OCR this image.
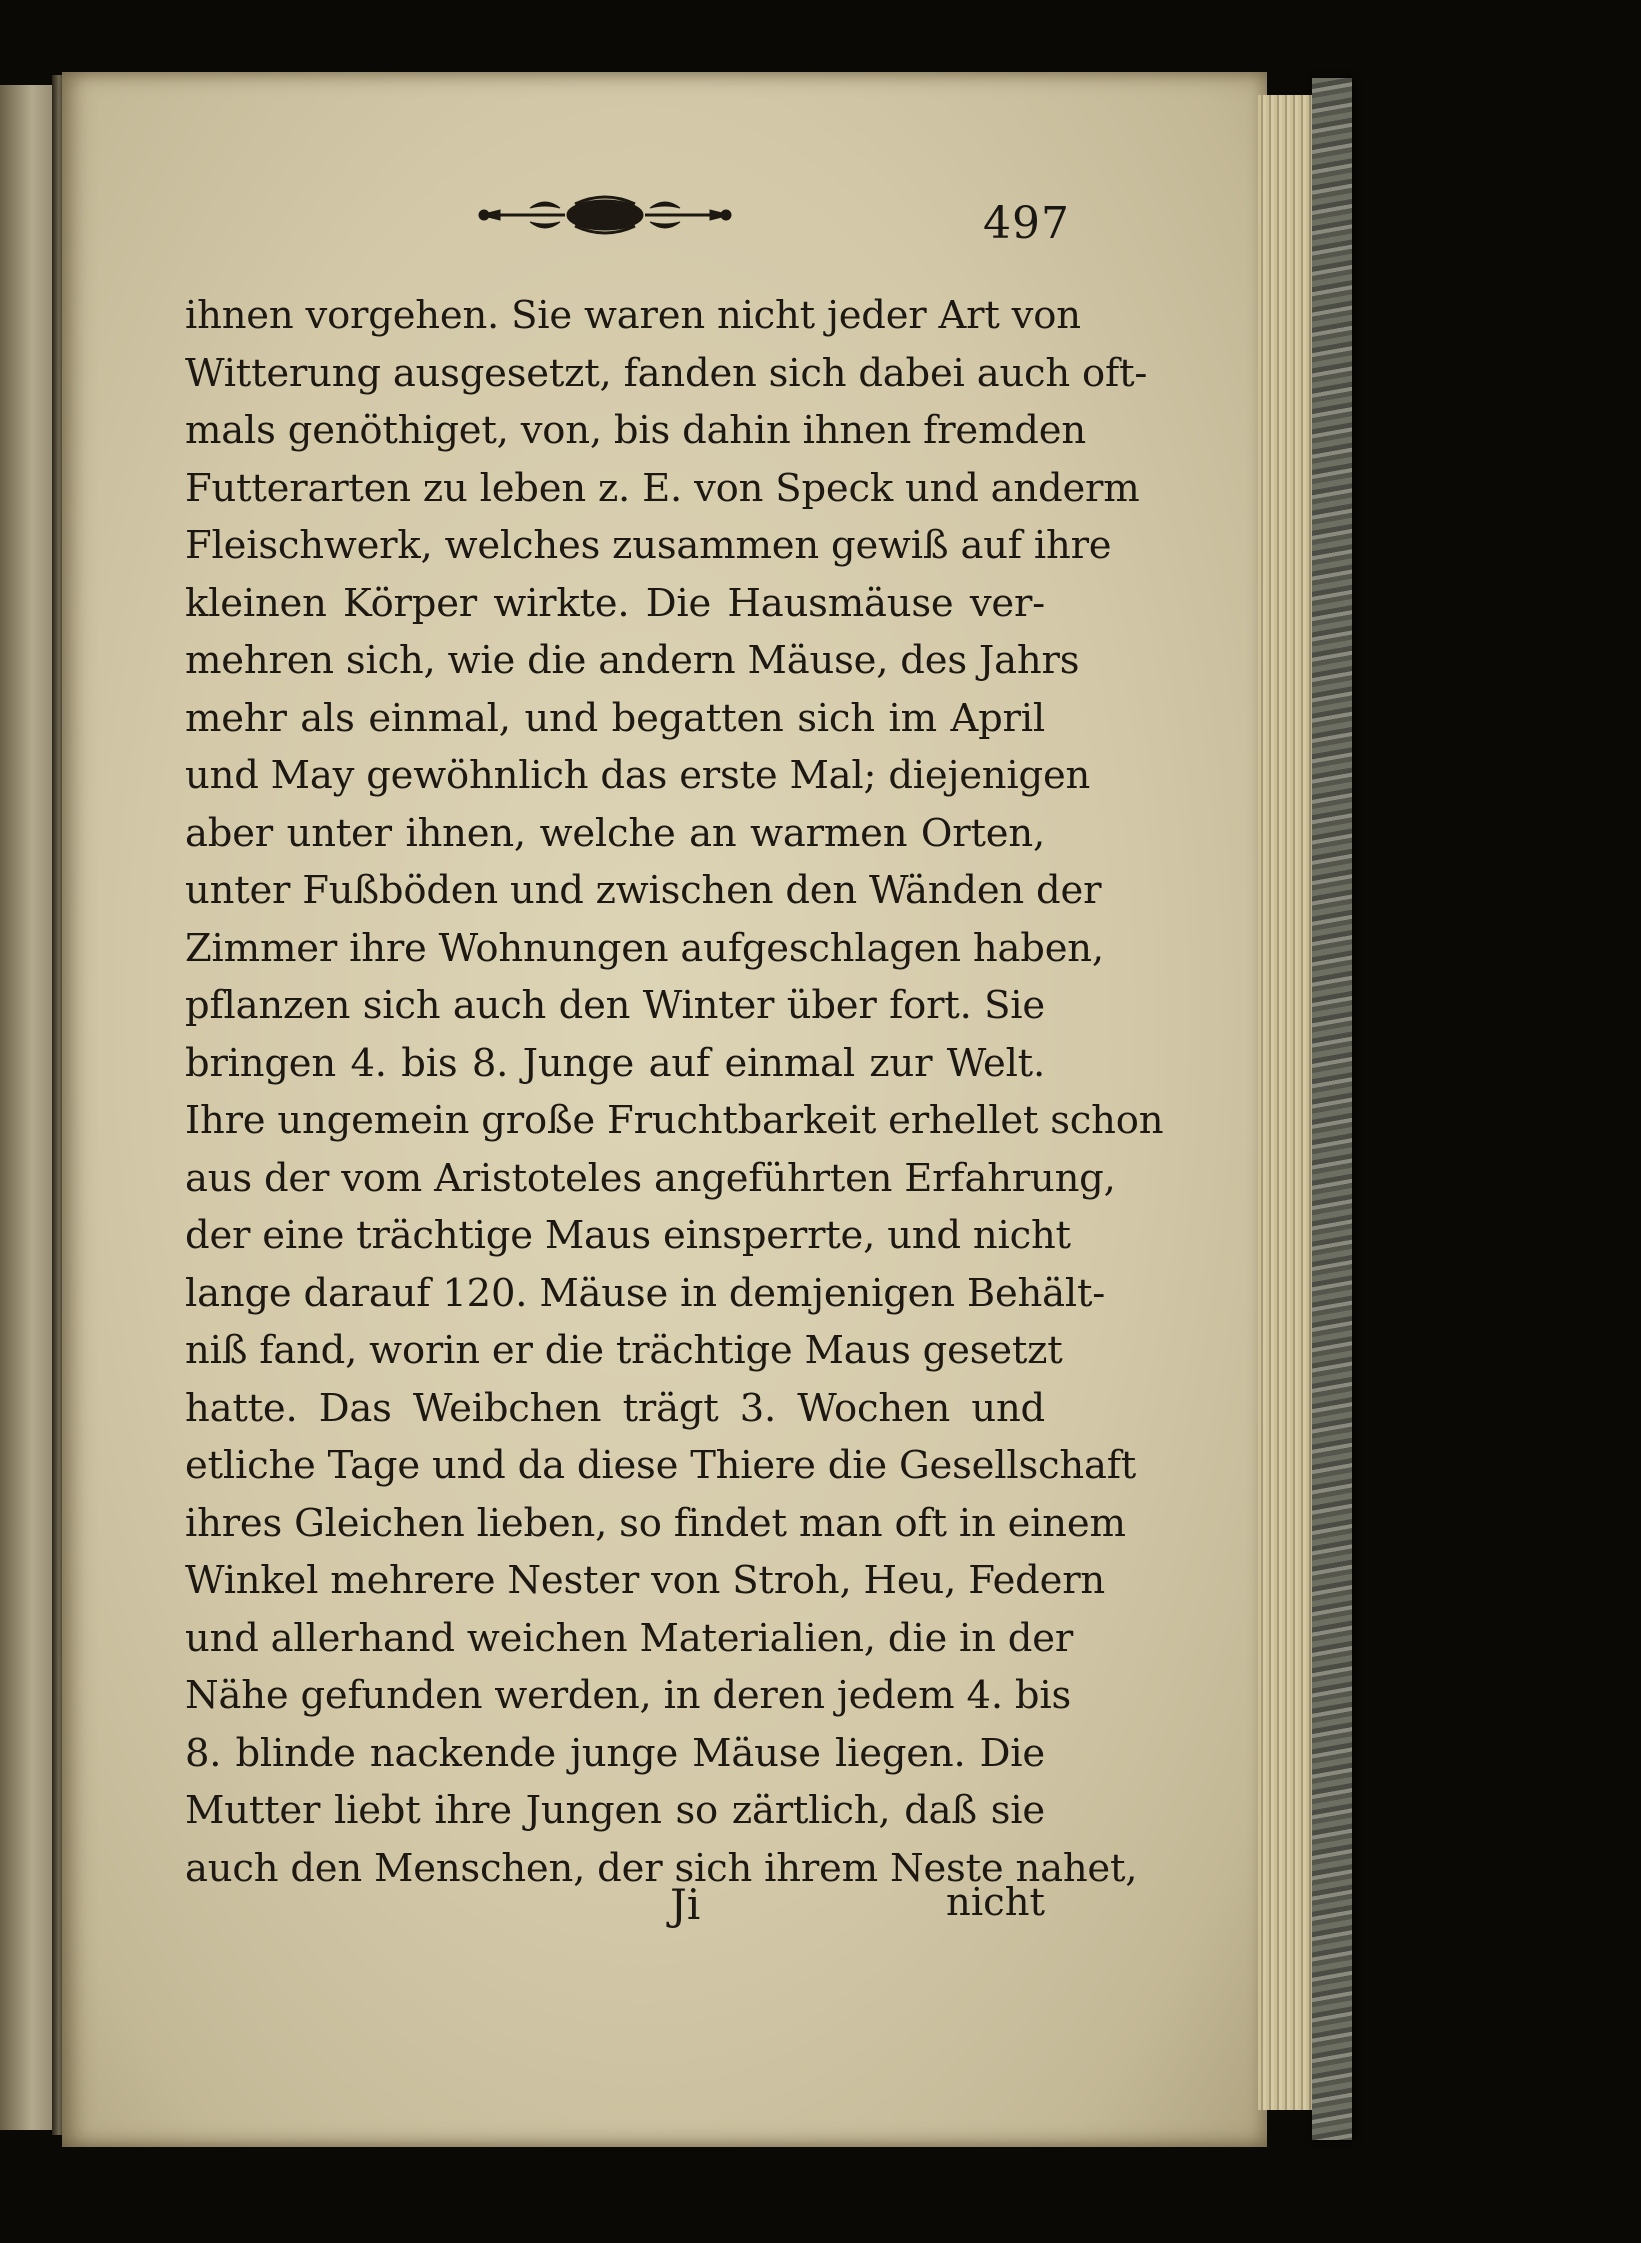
497
ihnen vorgehen. Sie waren nicht jeder Art von
Witterung ausgesetzt, fanden sich dabei auch oft-
mals genöthiget, von, bis dahin ihnen fremden
Futterarten zu leben z. E. von Speck und anderm
Fleischwerk, welches zusammen gewiß auf ihre
kleinen Körper wirkte. Die Hausmäuse ver-
mehren sich, wie die andern Mäuse, des Jahrs
mehr als einmal, und begatten sich im April
und May gewöhnlich das erste Mal; diejenigen
aber unter ihnen, welche an warmen Orten,
unter Fußböden und zwischen den Wänden der
Zimmer ihre Wohnungen aufgeschlagen haben,
pflanzen sich auch den Winter über fort. Sie
bringen 4. bis 8. Junge auf einmal zur Welt.
Ihre ungemein große Fruchtbarkeit erhellet schon
aus der vom Aristoteles angeführten Erfahrung,
der eine trächtige Maus einsperrte, und nicht
lange darauf 120. Mäuse in demjenigen Behält-
niß fand, worin er die trächtige Maus gesetzt
hatte. Das Weibchen trägt 3. Wochen und
etliche Tage und da diese Thiere die Gesellschaft
ihres Gleichen lieben, so findet man oft in einem
Winkel mehrere Nester von Stroh, Heu, Federn
und allerhand weichen Materialien, die in der
Nähe gefunden werden, in deren jedem 4. bis
8. blinde nackende junge Mäuse liegen. Die
Mutter liebt ihre Jungen so zärtlich, daß sie
auch den Menschen, der sich ihrem Neste nahet,
Ji	nicht
